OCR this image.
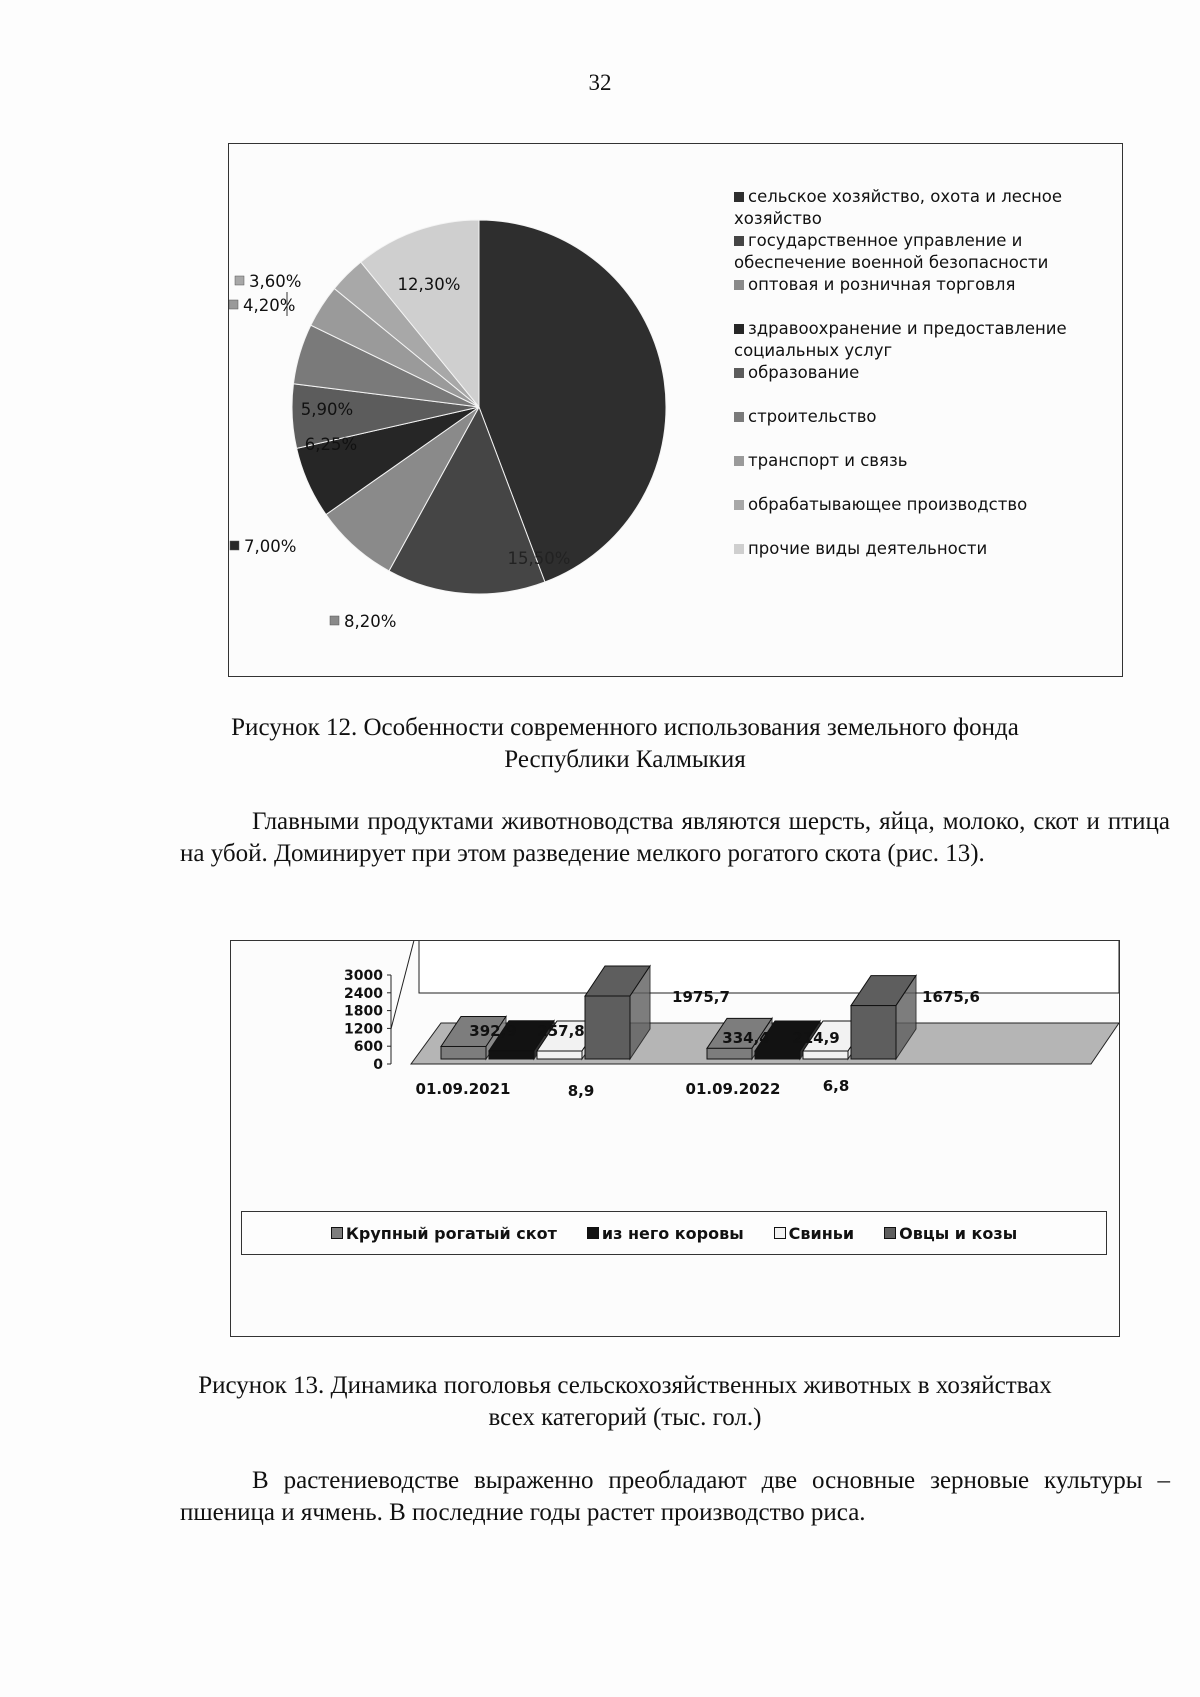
32
15,50%
8,20%
7,00%
6,25%
5,90%
4,20%
3,60%	12,30%
сельское хозяйство, охота и лесное хозяйство
государственное управление и обеспечение военной безопасности
оптовая и розничная торговля
здравоохранение и предоставление социальных услуг
образование
строительство
транспорт и связь
обрабатывающее производство
прочие виды деятельности
Рисунок 12. Особенности современного использования земельного фонда Республики Калмыкия
Главными продуктами животноводства являются шерсть, яйца, молоко, скот и птица на убой. Доминирует при этом разведение мелкого рогатого скота (рис. 13).
3000
2400
1800
1200
600
0
392,9 257,8
8,9
1975,7
01.09.2021
334,4 214,9
6,8
1675,6
01.09.2022
Крупный рогатый скот	из него коровы	Свиньи	Овцы и козы
Рисунок 13. Динамика поголовья сельскохозяйственных животных в хозяйствах всех категорий (тыс. гол.)
В растениеводстве выраженно преобладают две основные зерновые культуры – пшеница и ячмень. В последние годы растет производство риса.
